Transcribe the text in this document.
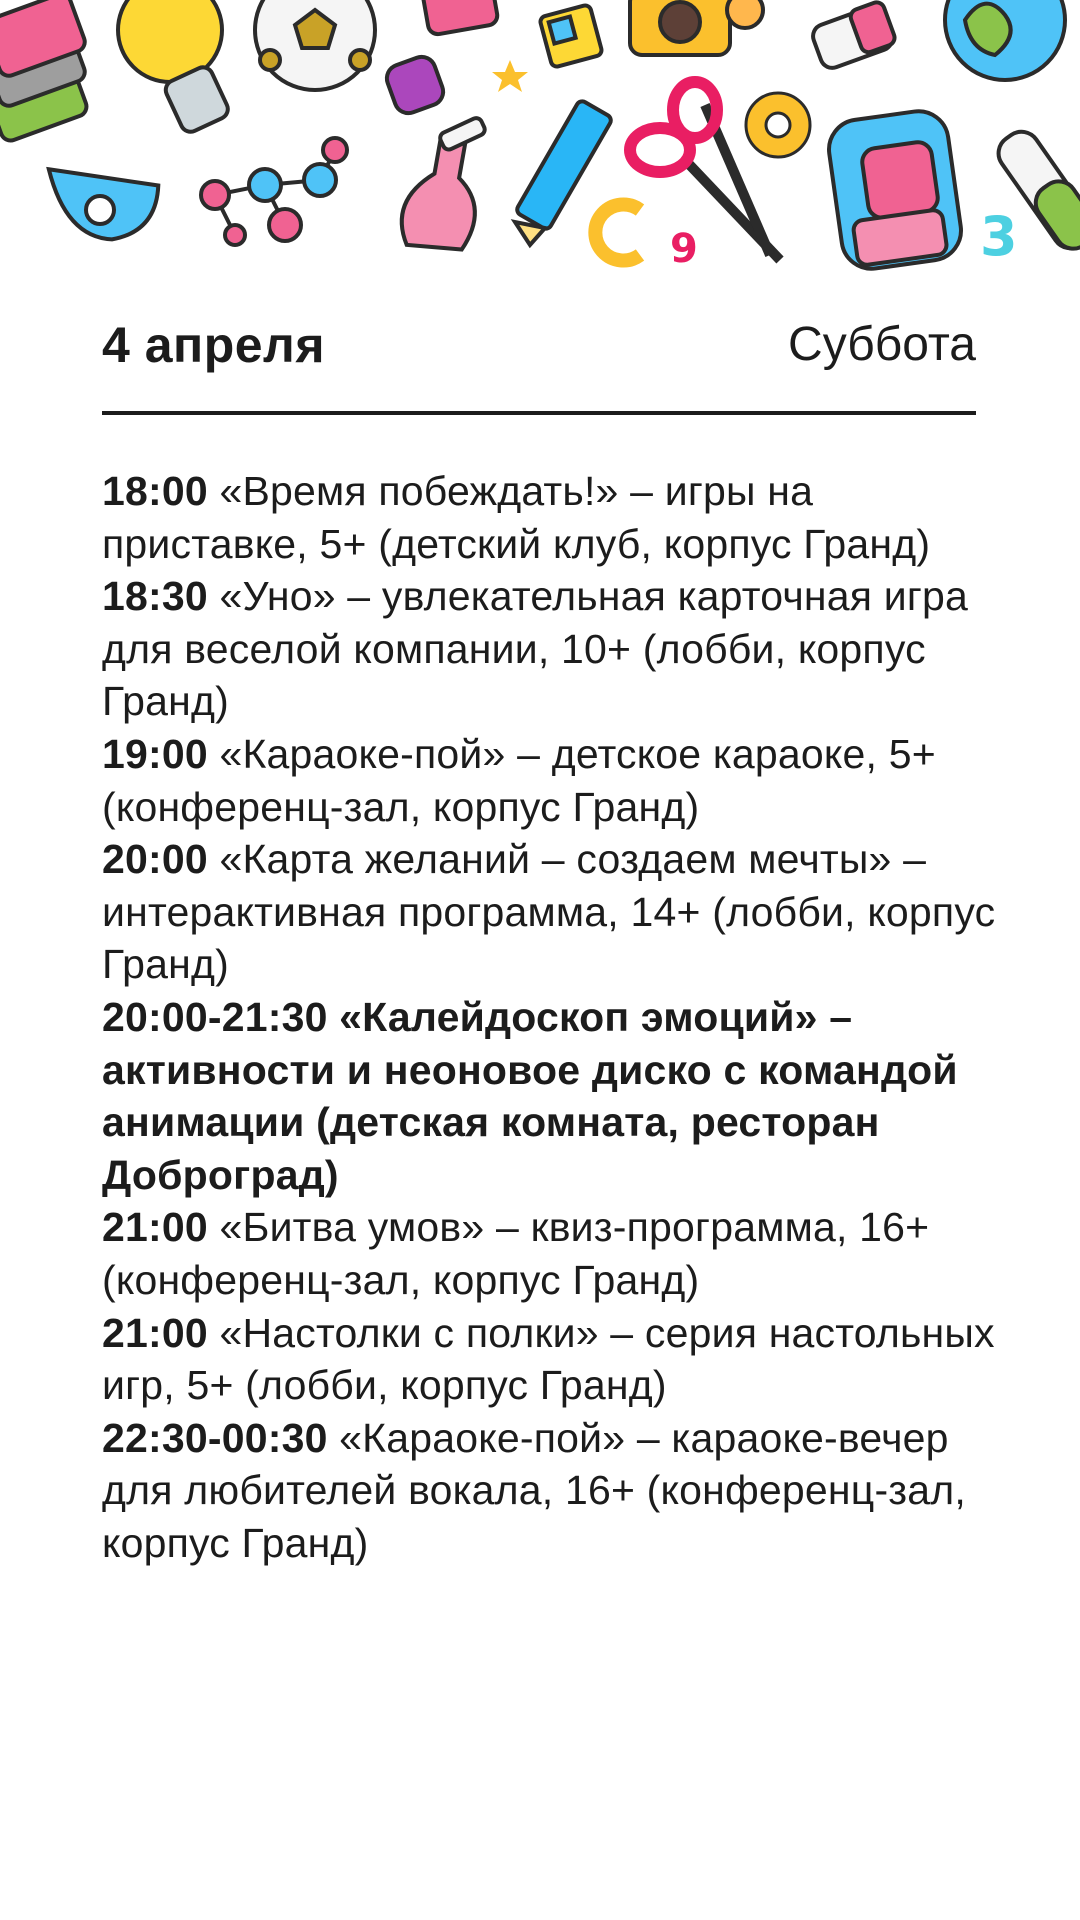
9	3
4 апреля	Суббота

18:00 «Время побеждать!» – игры на приставке, 5+ (детский клуб, корпус Гранд)

18:30 «Уно» – увлекательная карточная игра для веселой компании, 10+ (лобби, корпус Гранд)

19:00 «Караоке-пой» – детское караоке, 5+ (конференц-зал, корпус Гранд)

20:00 «Карта желаний – создаем мечты» – интерактивная программа, 14+ (лобби, корпус Гранд)

20:00-21:30 «Калейдоскоп эмоций» – активности и неоновое диско с командой анимации (детская комната, ресторан Доброград)

21:00 «Битва умов» – квиз-программа, 16+ (конференц-зал, корпус Гранд)

21:00 «Настолки с полки» – серия настольных игр, 5+ (лобби, корпус Гранд)

22:30-00:30 «Караоке-пой» – караоке-вечер для любителей вокала, 16+ (конференц-зал, корпус Гранд)
